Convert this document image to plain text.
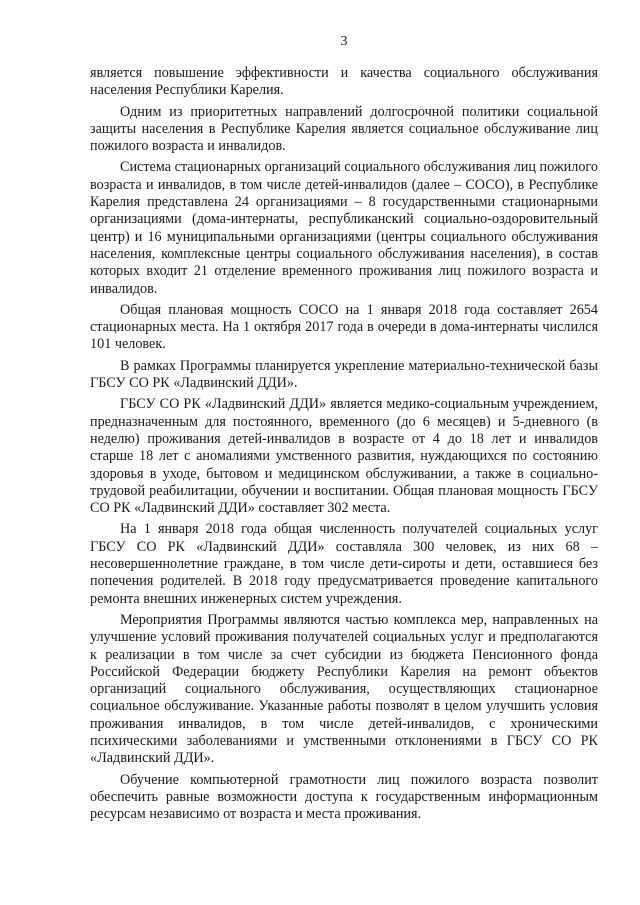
3

является повышение эффективности и качества социального обслуживания населения Республики Карелия.

Одним из приоритетных направлений долгосрочной политики социальной защиты населения в Республике Карелия является социальное обслуживание лиц пожилого возраста и инвалидов.

Система стационарных организаций социального обслуживания лиц пожилого возраста и инвалидов, в том числе детей-инвалидов (далее – СОСО), в Республике Карелия представлена 24 организациями – 8 государственными стационарными организациями (дома-интернаты, республиканский социально-оздоровительный центр) и 16 муниципальными организациями (центры социального обслуживания населения, комплексные центры социального обслуживания населения), в состав которых входит 21 отделение временного проживания лиц пожилого возраста и инвалидов.

Общая плановая мощность СОСО на 1 января 2018 года составляет 2654 стационарных места. На 1 октября 2017 года в очереди в дома-интернаты числился 101 человек.

В рамках Программы планируется укрепление материально-технической базы ГБСУ СО РК «Ладвинский ДДИ».

ГБСУ СО РК «Ладвинский ДДИ» является медико-социальным учреждением, предназначенным для постоянного, временного (до 6 месяцев) и 5-дневного (в неделю) проживания детей-инвалидов в возрасте от 4 до 18 лет и инвалидов старше 18 лет с аномалиями умственного развития, нуждающихся по состоянию здоровья в уходе, бытовом и медицинском обслуживании, а также в социально-трудовой реабилитации, обучении и воспитании. Общая плановая мощность ГБСУ СО РК «Ладвинский ДДИ» составляет 302 места.

На 1 января 2018 года общая численность получателей социальных услуг ГБСУ СО РК «Ладвинский ДДИ» составляла 300 человек, из них 68 – несовершеннолетние граждане, в том числе дети-сироты и дети, оставшиеся без попечения родителей. В 2018 году предусматривается проведение капитального ремонта внешних инженерных систем учреждения.

Мероприятия Программы являются частью комплекса мер, направленных на улучшение условий проживания получателей социальных услуг и предполагаются к реализации в том числе за счет субсидии из бюджета Пенсионного фонда Российской Федерации бюджету Республики Карелия на ремонт объектов организаций социального обслуживания, осуществляющих стационарное социальное обслуживание. Указанные работы позволят в целом улучшить условия проживания инвалидов, в том числе детей-инвалидов, с хроническими психическими заболеваниями и умственными отклонениями в ГБСУ СО РК «Ладвинский ДДИ».

Обучение компьютерной грамотности лиц пожилого возраста позволит обеспечить равные возможности доступа к государственным информационным ресурсам независимо от возраста и места проживания.
